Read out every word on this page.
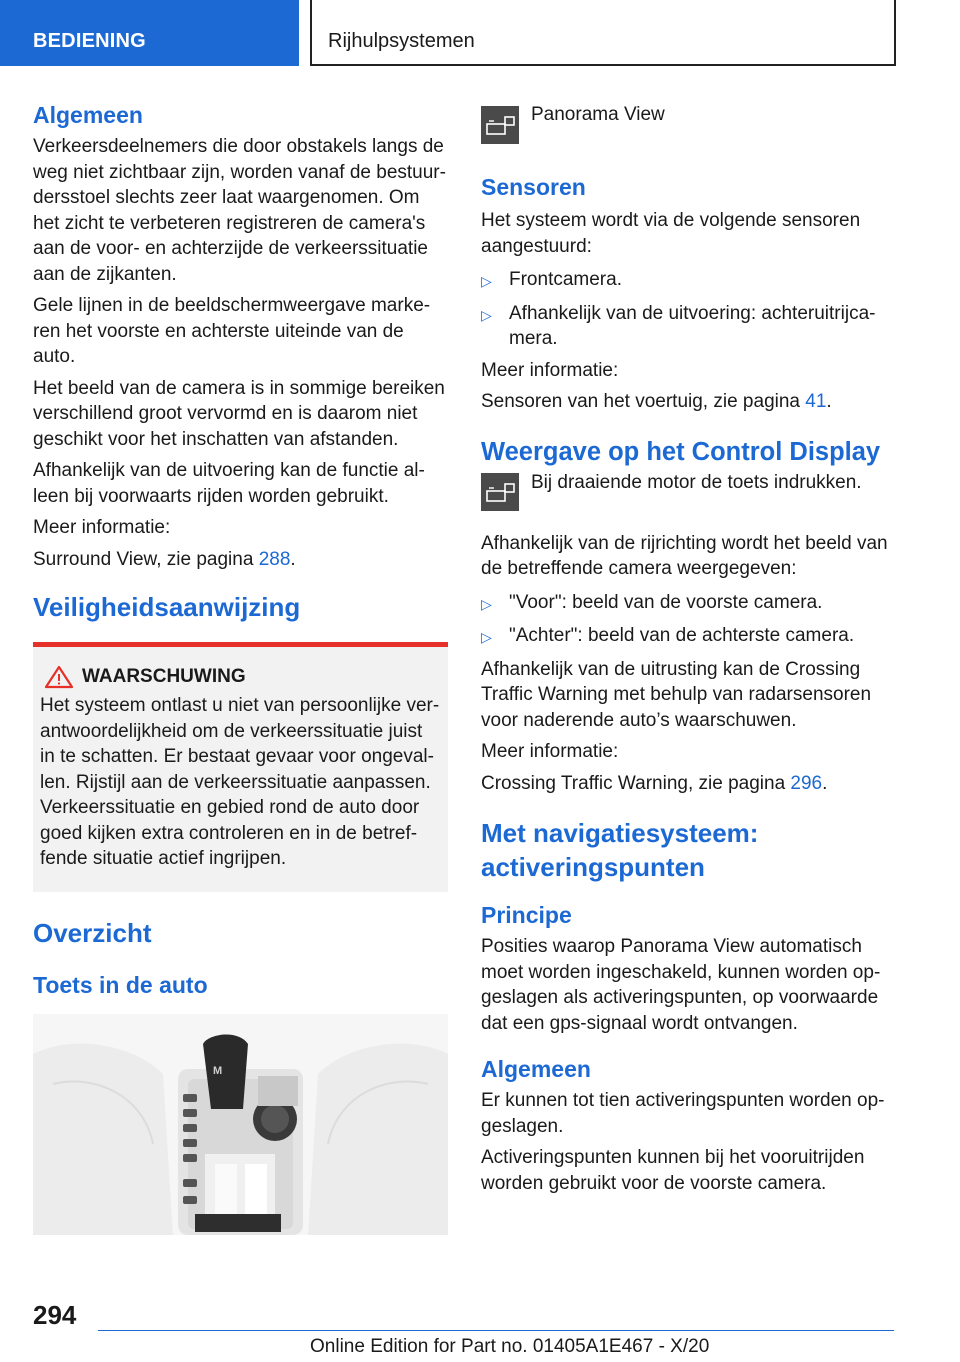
BEDIENING	Rijhulpsystemen
Algemeen

Verkeersdeelnemers die door obstakels langs de weg niet zichtbaar zijn, worden vanaf de bestuurdersstoel slechts zeer laat waargenomen. Om het zicht te verbeteren registreren de camera's aan de voor- en achterzijde de verkeerssituatie aan de zijkanten.

Gele lijnen in de beeldschermweergave markeren het voorste en achterste uiteinde van de auto.

Het beeld van de camera is in sommige bereiken verschillend groot vervormd en is daarom niet geschikt voor het inschatten van afstanden.

Afhankelijk van de uitvoering kan de functie alleen bij voorwaarts rijden worden gebruikt.

Meer informatie:

Surround View, zie pagina 288.

Veiligheidsaanwijzing
WAARSCHUWING

Het systeem ontlast u niet van persoonlijke verantwoordelijkheid om de verkeerssituatie juist in te schatten. Er bestaat gevaar voor ongevallen. Rijstijl aan de verkeerssituatie aanpassen. Verkeerssituatie en gebied rond de auto door goed kijken extra controleren en in de betreffende situatie actief ingrijpen.

Overzicht
Toets in de auto
M

Panorama View

Sensoren

Het systeem wordt via de volgende sensoren aangestuurd:

▷ Frontcamera.
▷ Afhankelijk van de uitvoering: achteruitrijcamera.

Meer informatie:

Sensoren van het voertuig, zie pagina 41.

Weergave op het Control Display

Bij draaiende motor de toets indrukken.

Afhankelijk van de rijrichting wordt het beeld van de betreffende camera weergegeven:

▷ "Voor": beeld van de voorste camera.
▷ "Achter": beeld van de achterste camera.

Afhankelijk van de uitrusting kan de Crossing Traffic Warning met behulp van radarsensoren voor naderende auto’s waarschuwen.

Meer informatie:

Crossing Traffic Warning, zie pagina 296.

Met navigatiesysteem: activeringspunten
Principe

Posities waarop Panorama View automatisch moet worden ingeschakeld, kunnen worden opgeslagen als activeringspunten, op voorwaarde dat een gps-signaal wordt ontvangen.

Algemeen

Er kunnen tot tien activeringspunten worden opgeslagen.

Activeringspunten kunnen bij het vooruitrijden worden gebruikt voor de voorste camera.

294
Online Edition for Part no. 01405A1E467 - X/20
